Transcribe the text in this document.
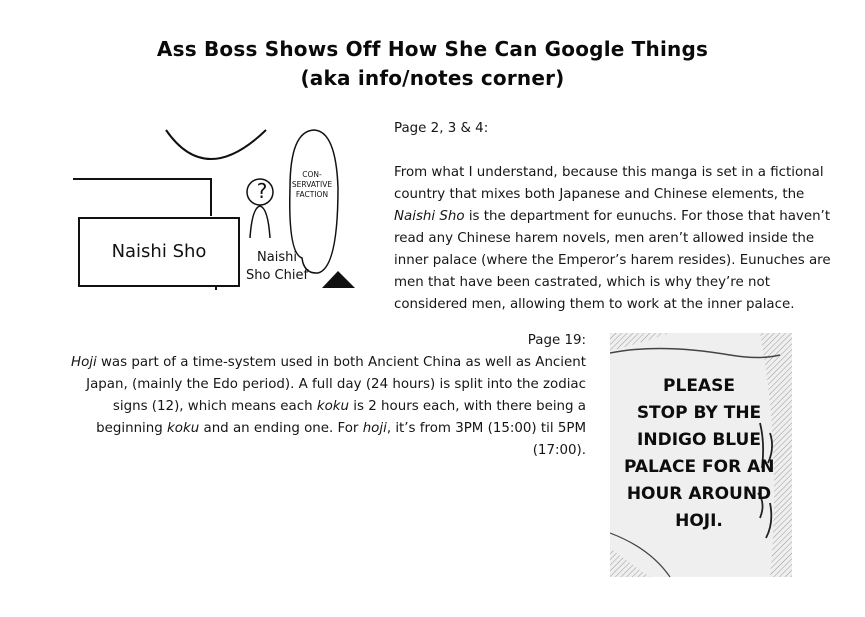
Ass Boss Shows Off How She Can Google Things
(aka info/notes corner)
Naishi Sho
?
Naishi
Sho Chief
CON-
SERVATIVE
FACTION

Page 2, 3 & 4:

From what I understand, because this manga is set in a fictional country that mixes both Japanese and Chinese elements, the Naishi Sho is the department for eunuchs. For those that haven’t read any Chinese harem novels, men aren’t allowed inside the inner palace (where the Emperor’s harem resides). Eunuches are men that have been castrated, which is why they’re not considered men, allowing them to work at the inner palace.

Page 19:

Hoji was part of a time-system used in both Ancient China as well as Ancient Japan, (mainly the Edo period). A full day (24 hours) is split into the zodiac signs (12), which means each koku is 2 hours each, with there being a beginning koku and an ending one. For hoji, it’s from 3PM (15:00) til 5PM (17:00).

PLEASE
STOP BY THE
INDIGO BLUE
PALACE FOR AN
HOUR AROUND
HOJI.
